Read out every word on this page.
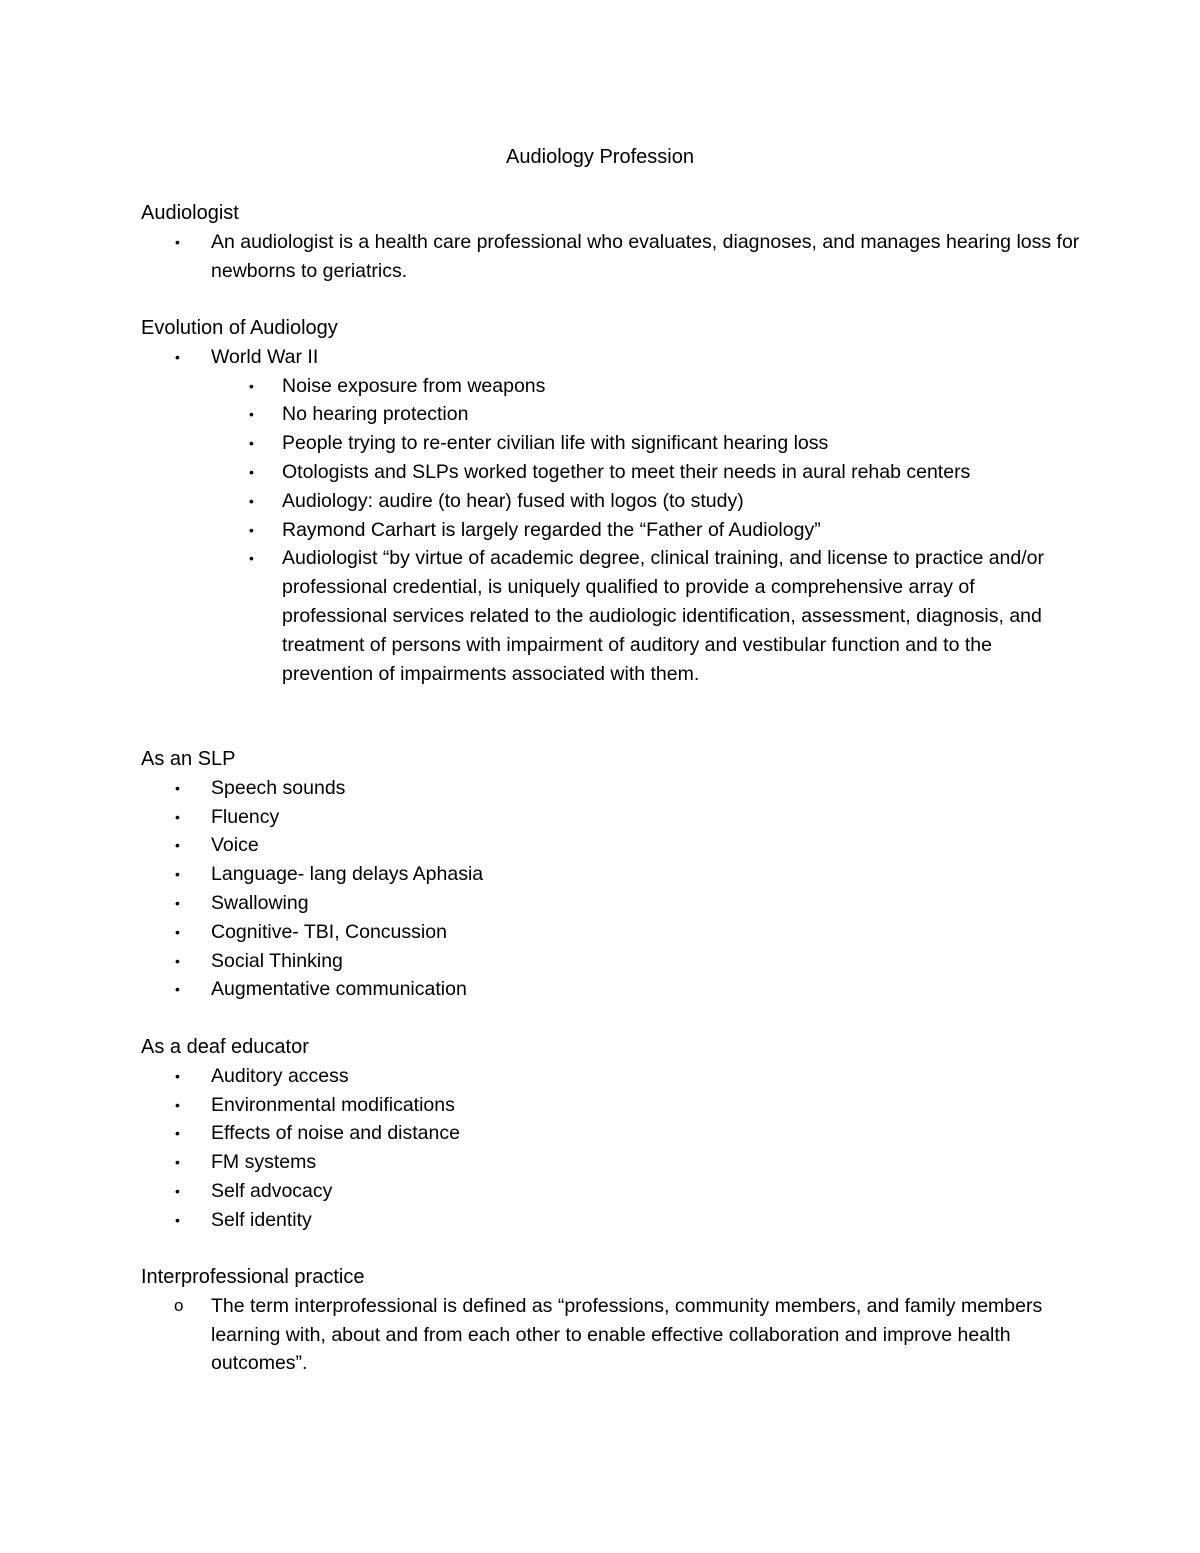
Audiology Profession
Audiologist
• An audiologist is a health care professional who evaluates, diagnoses, and manages hearing loss for newborns to geriatrics.
Evolution of Audiology
• World War II
• Noise exposure from weapons
• No hearing protection
• People trying to re-enter civilian life with significant hearing loss
• Otologists and SLPs worked together to meet their needs in aural rehab centers
• Audiology: audire (to hear) fused with logos (to study)
• Raymond Carhart is largely regarded the “Father of Audiology”
• Audiologist “by virtue of academic degree, clinical training, and license to practice and/or professional credential, is uniquely qualified to provide a comprehensive array of professional services related to the audiologic identification, assessment, diagnosis, and treatment of persons with impairment of auditory and vestibular function and to the prevention of impairments associated with them.
As an SLP
• Speech sounds
• Fluency
• Voice
• Language- lang delays Aphasia
• Swallowing
• Cognitive- TBI, Concussion
• Social Thinking
• Augmentative communication
As a deaf educator
• Auditory access
• Environmental modifications
• Effects of noise and distance
• FM systems
• Self advocacy
• Self identity
Interprofessional practice
o The term interprofessional is defined as “professions, community members, and family members learning with, about and from each other to enable effective collaboration and improve health outcomes”.
